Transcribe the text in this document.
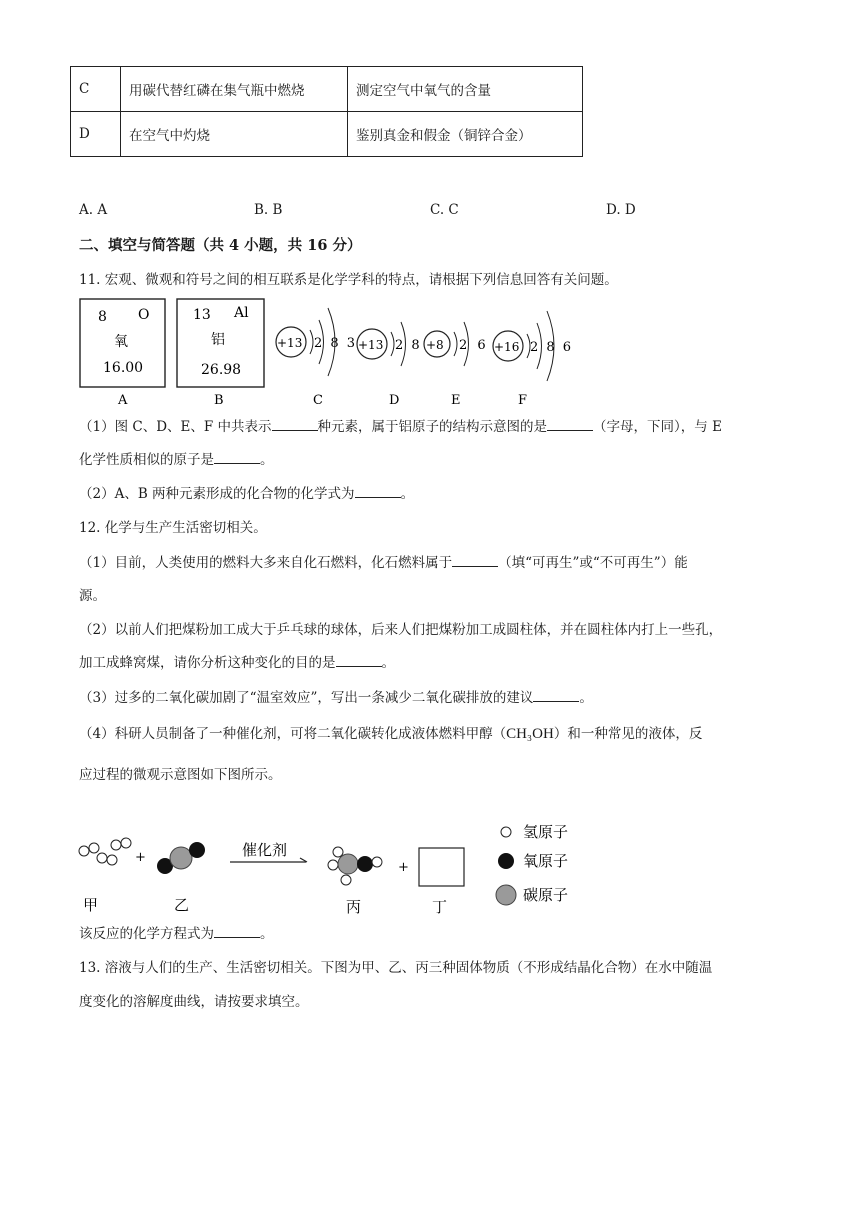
C	用碳代替红磷在集气瓶中燃烧	测定空气中氧气的含量
D	在空气中灼烧	鉴别真金和假金（铜锌合金）
A. A	B. B	C. C	D. D
二、填空与简答题（共 4 小题，共 16 分）
11. 宏观、微观和符号之间的相互联系是化学学科的特点，请根据下列信息回答有关问题。
8 O
氧
16.00
A
13 Al
铝
26.98
B
+13 2 8 3
C
+13 2 8
D
+8 2 6
E
+16 2 8 6
F
（1）图 C、D、E、F 中共表示	种元素，属于铝原子的结构示意图的是	（字母，下同），与 E
化学性质相似的原子是	。
（2）A、B 两种元素形成的化合物的化学式为	。
12. 化学与生产生活密切相关。
（1）目前，人类使用的燃料大多来自化石燃料，化石燃料属于	（填“可再生”或“不可再生”）能
源。
（2）以前人们把煤粉加工成大于乒乓球的球体，后来人们把煤粉加工成圆柱体，并在圆柱体内打上一些孔，
加工成蜂窝煤，请你分析这种变化的目的是	。
（3）过多的二氧化碳加剧了“温室效应”，写出一条减少二氧化碳排放的建议	。
（4）科研人员制备了一种催化剂，可将二氧化碳转化成液体燃料甲醇（CH₃OH）和一种常见的液体，反
应过程的微观示意图如下图所示。
+
甲	乙
催化剂
丙
+
丁
氢原子
氧原子
碳原子
该反应的化学方程式为	。
13. 溶液与人们的生产、生活密切相关。下图为甲、乙、丙三种固体物质（不形成结晶化合物）在水中随温
度变化的溶解度曲线，请按要求填空。
